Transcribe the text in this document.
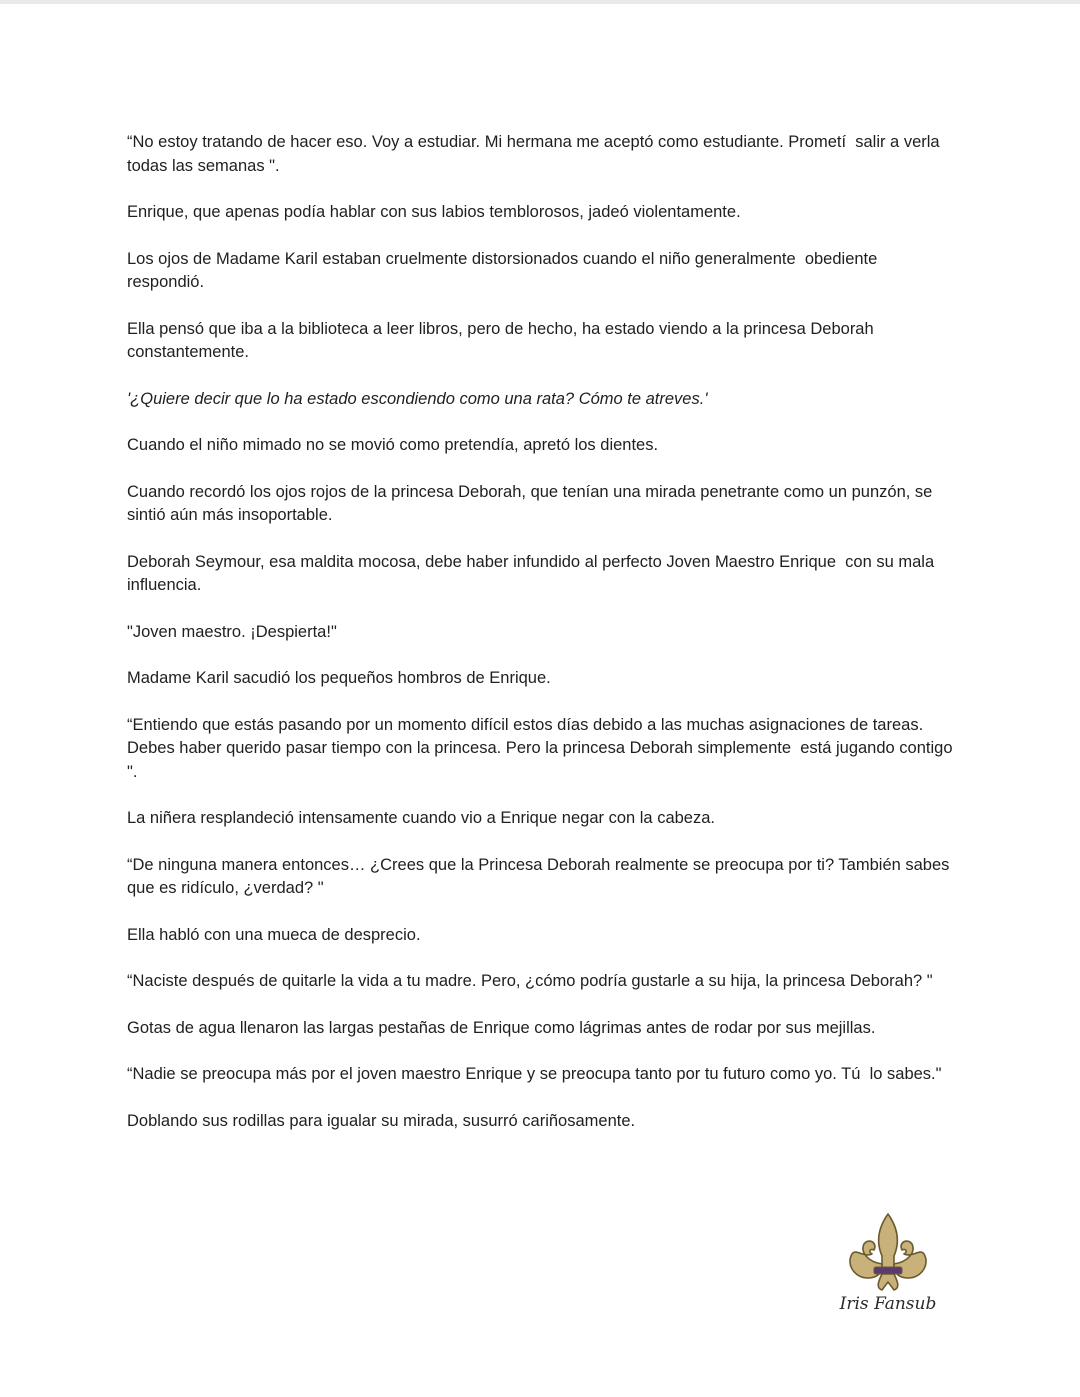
“No estoy tratando de hacer eso. Voy a estudiar. Mi hermana me aceptó como estudiante. Prometí  salir a verla todas las semanas ".

Enrique, que apenas podía hablar con sus labios temblorosos, jadeó violentamente.

Los ojos de Madame Karil estaban cruelmente distorsionados cuando el niño generalmente  obediente respondió.

Ella pensó que iba a la biblioteca a leer libros, pero de hecho, ha estado viendo a la princesa Deborah constantemente.

'¿Quiere decir que lo ha estado escondiendo como una rata? Cómo te atreves.'

Cuando el niño mimado no se movió como pretendía, apretó los dientes.

Cuando recordó los ojos rojos de la princesa Deborah, que tenían una mirada penetrante como un punzón, se sintió aún más insoportable.

Deborah Seymour, esa maldita mocosa, debe haber infundido al perfecto Joven Maestro Enrique  con su mala influencia.

"Joven maestro. ¡Despierta!"

Madame Karil sacudió los pequeños hombros de Enrique.

“Entiendo que estás pasando por un momento difícil estos días debido a las muchas asignaciones de tareas. Debes haber querido pasar tiempo con la princesa. Pero la princesa Deborah simplemente  está jugando contigo ".

La niñera resplandeció intensamente cuando vio a Enrique negar con la cabeza.

“De ninguna manera entonces… ¿Crees que la Princesa Deborah realmente se preocupa por ti? También sabes que es ridículo, ¿verdad? "

Ella habló con una mueca de desprecio.

“Naciste después de quitarle la vida a tu madre. Pero, ¿cómo podría gustarle a su hija, la princesa Deborah? "

Gotas de agua llenaron las largas pestañas de Enrique como lágrimas antes de rodar por sus mejillas.

“Nadie se preocupa más por el joven maestro Enrique y se preocupa tanto por tu futuro como yo. Tú  lo sabes."

Doblando sus rodillas para igualar su mirada, susurró cariñosamente.

Iris Fansub
